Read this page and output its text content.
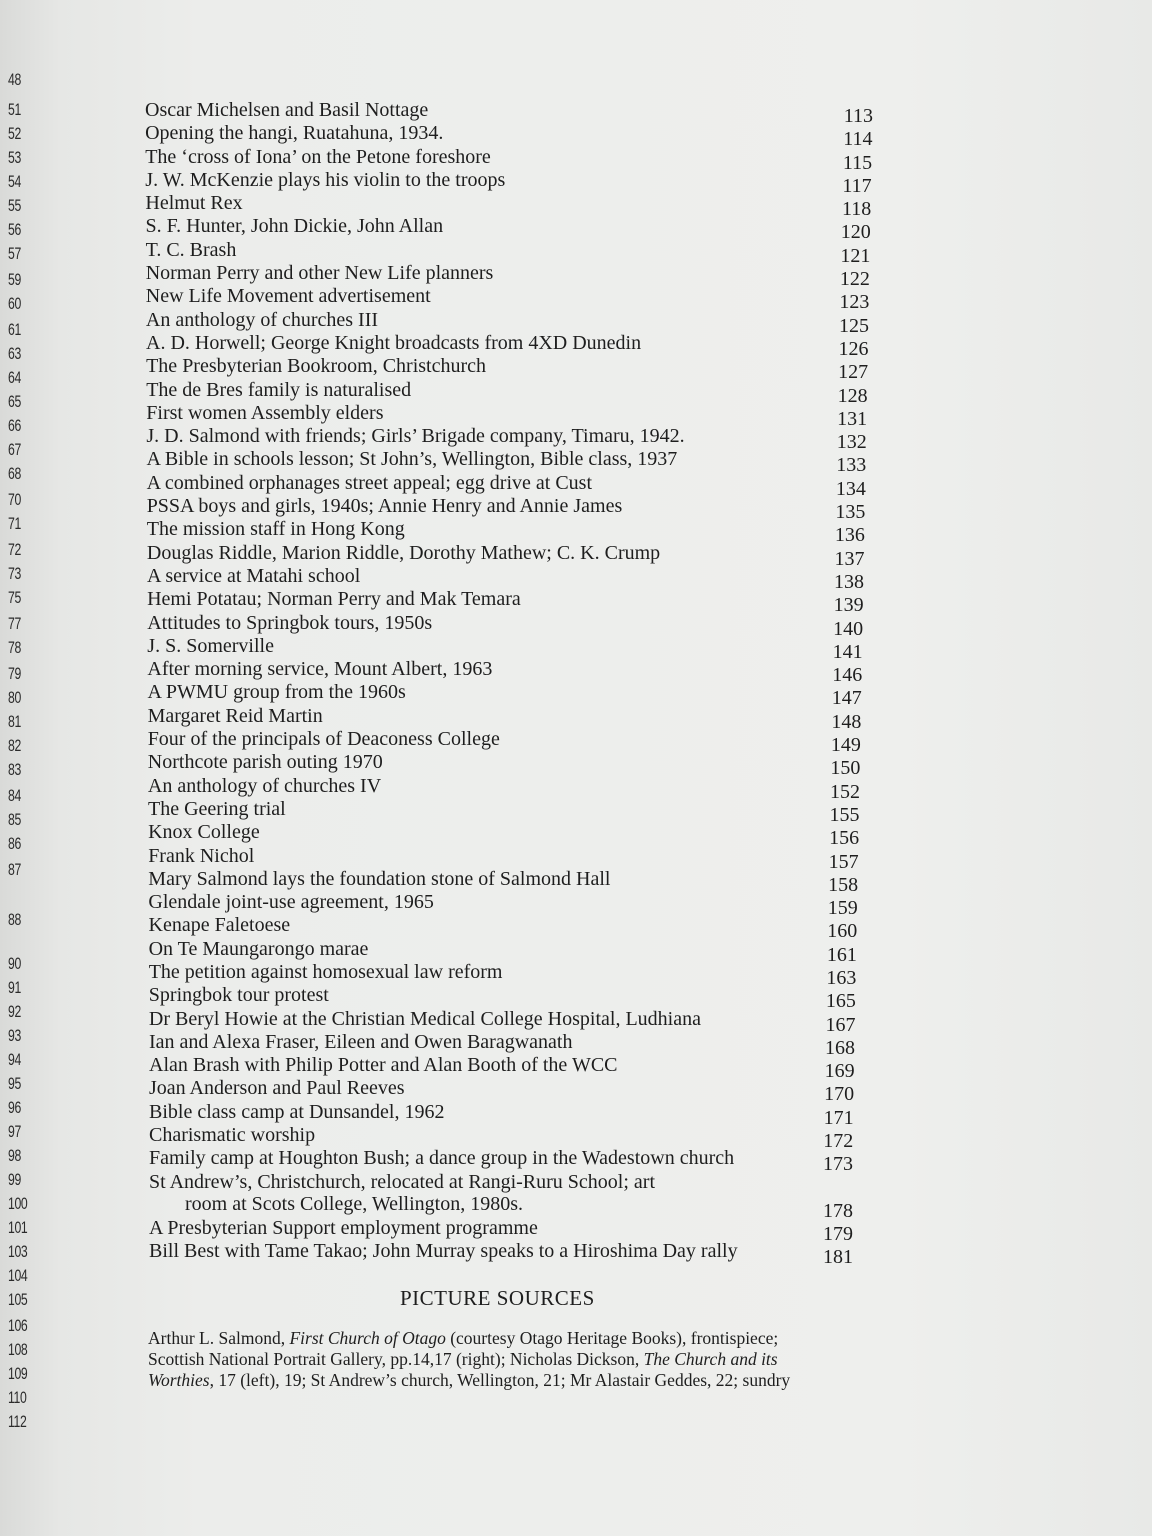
48
51
52
53
54
55
56
57
59
60
61
63
64
65
66
67
68
70
71
72
73
75
77
78
79
80
81
82
83
84
85
86
87
88
90
91
92
93
94
95
96
97
98
99
100
101
103
104
105
106
108
109
110
112
Oscar Michelsen and Basil Nottage	113
Opening the hangi, Ruatahuna, 1934.	114
The ‘cross of Iona’ on the Petone foreshore	115
J. W. McKenzie plays his violin to the troops	117
Helmut Rex	118
S. F. Hunter, John Dickie, John Allan	120
T. C. Brash	121
Norman Perry and other New Life planners	122
New Life Movement advertisement	123
An anthology of churches III	125
A. D. Horwell; George Knight broadcasts from 4XD Dunedin	126
The Presbyterian Bookroom, Christchurch	127
The de Bres family is naturalised	128
First women Assembly elders	131
J. D. Salmond with friends; Girls’ Brigade company, Timaru, 1942.	132
A Bible in schools lesson; St John’s, Wellington, Bible class, 1937	133
A combined orphanages street appeal; egg drive at Cust	134
PSSA boys and girls, 1940s; Annie Henry and Annie James	135
The mission staff in Hong Kong	136
Douglas Riddle, Marion Riddle, Dorothy Mathew; C. K. Crump	137
A service at Matahi school	138
Hemi Potatau; Norman Perry and Mak Temara	139
Attitudes to Springbok tours, 1950s	140
J. S. Somerville	141
After morning service, Mount Albert, 1963	146
A PWMU group from the 1960s	147
Margaret Reid Martin	148
Four of the principals of Deaconess College	149
Northcote parish outing 1970	150
An anthology of churches IV	152
The Geering trial	155
Knox College	156
Frank Nichol	157
Mary Salmond lays the foundation stone of Salmond Hall	158
Glendale joint-use agreement, 1965	159
Kenape Faletoese	160
On Te Maungarongo marae	161
The petition against homosexual law reform	163
Springbok tour protest	165
Dr Beryl Howie at the Christian Medical College Hospital, Ludhiana	167
Ian and Alexa Fraser, Eileen and Owen Baragwanath	168
Alan Brash with Philip Potter and Alan Booth of the WCC	169
Joan Anderson and Paul Reeves	170
Bible class camp at Dunsandel, 1962	171
Charismatic worship	172
Family camp at Houghton Bush; a dance group in the Wadestown church	173
St Andrew’s, Christchurch, relocated at Rangi-Ruru School; art
room at Scots College, Wellington, 1980s.	178
A Presbyterian Support employment programme	179
Bill Best with Tame Takao; John Murray speaks to a Hiroshima Day rally	181
PICTURE SOURCES
Arthur L. Salmond, First Church of Otago (courtesy Otago Heritage Books), frontispiece;
Scottish National Portrait Gallery, pp.14,17 (right); Nicholas Dickson, The Church and its
Worthies, 17 (left), 19; St Andrew’s church, Wellington, 21; Mr Alastair Geddes, 22; sundry
